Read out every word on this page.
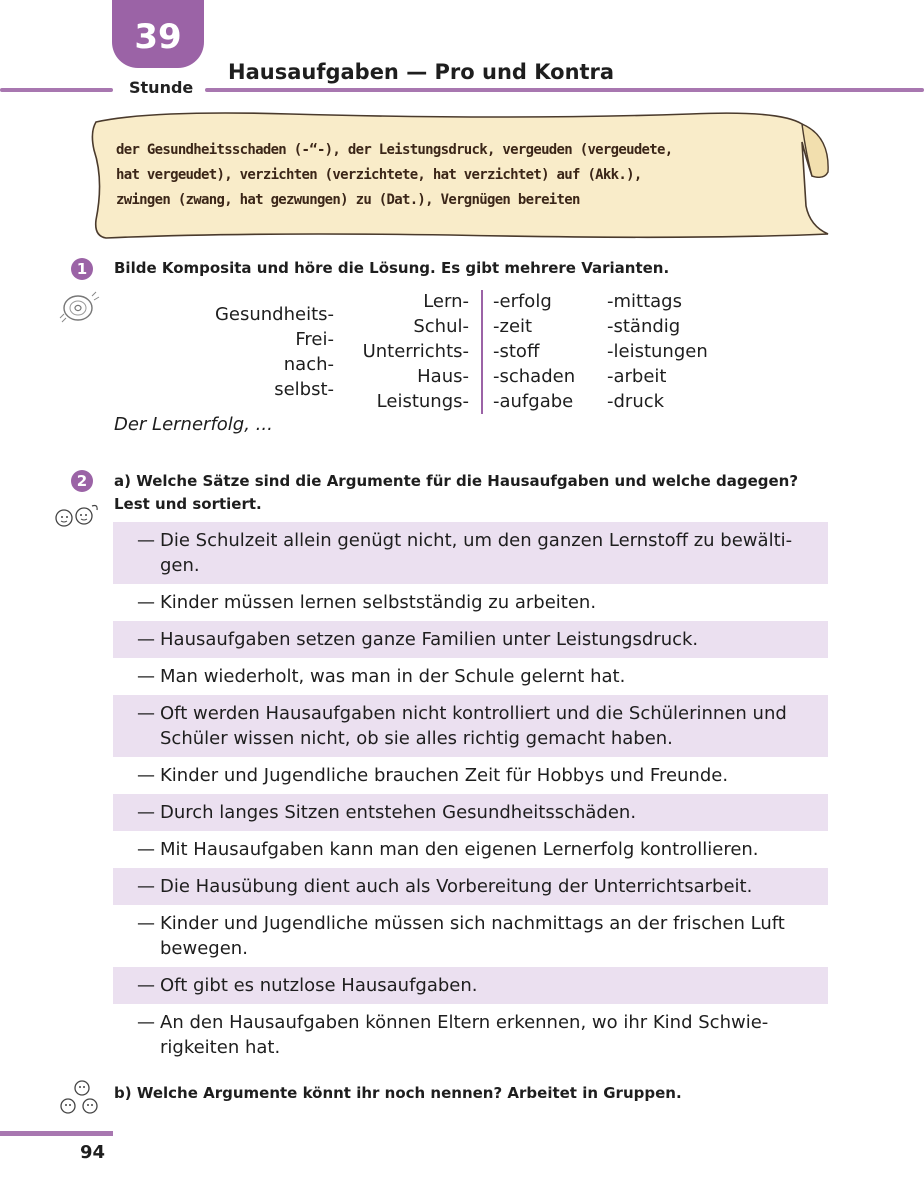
39
Stunde
Hausaufgaben — Pro und Kontra
der Gesundheitsschaden (-“-), der Leistungsdruck, vergeuden (vergeudete,
hat vergeudet), verzichten (verzichtete, hat verzichtet) auf (Akk.),
zwingen (zwang, hat gezwungen) zu (Dat.), Vergnügen bereiten
1	Bilde Komposita und höre die Lösung. Es gibt mehrere Varianten.
Gesundheits-
Frei-
nach-
selbst-
Lern-
Schul-
Unterrichts-
Haus-
Leistungs-
-erfolg
-zeit
-stoff
-schaden
-aufgabe
-mittags
-ständig
-leistungen
-arbeit
-druck
Der Lernerfolg, ...
2	a) Welche Sätze sind die Argumente für die Hausaufgaben und welche dagegen?
Lest und sortiert.
— Die Schulzeit allein genügt nicht, um den ganzen Lernstoff zu bewälti-
gen.
— Kinder müssen lernen selbstständig zu arbeiten.
— Hausaufgaben setzen ganze Familien unter Leistungsdruck.
— Man wiederholt, was man in der Schule gelernt hat.
— Oft werden Hausaufgaben nicht kontrolliert und die Schülerinnen und
Schüler wissen nicht, ob sie alles richtig gemacht haben.
— Kinder und Jugendliche brauchen Zeit für Hobbys und Freunde.
— Durch langes Sitzen entstehen Gesundheitsschäden.
— Mit Hausaufgaben kann man den eigenen Lernerfolg kontrollieren.
— Die Hausübung dient auch als Vorbereitung der Unterrichtsarbeit.
— Kinder und Jugendliche müssen sich nachmittags an der frischen Luft
bewegen.
— Oft gibt es nutzlose Hausaufgaben.
— An den Hausaufgaben können Eltern erkennen, wo ihr Kind Schwie-
rigkeiten hat.
b) Welche Argumente könnt ihr noch nennen? Arbeitet in Gruppen.
94
